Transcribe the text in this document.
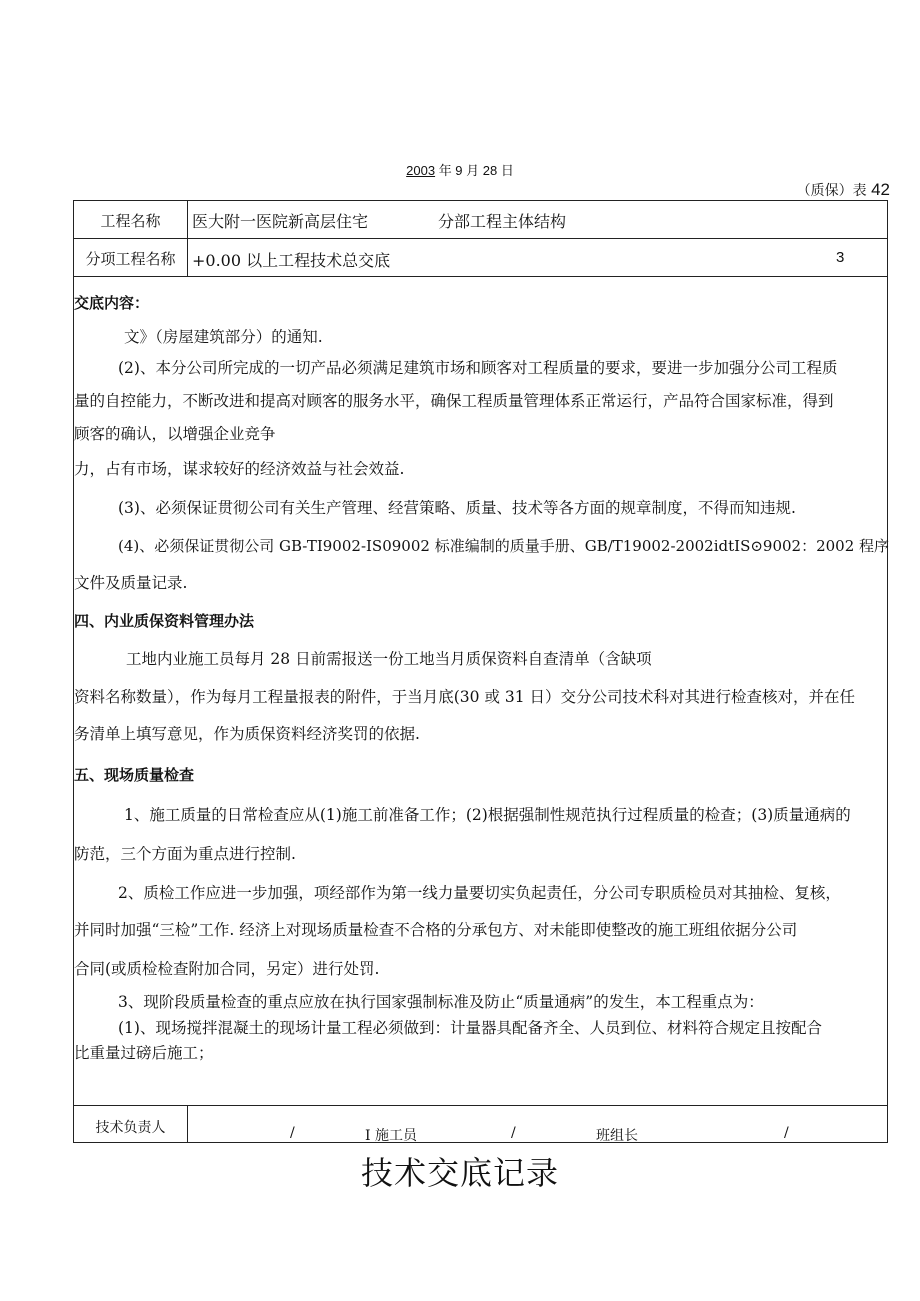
2003 年 9 月 28 日
（质保）表 42
工程名称	医大附一医院新高层住宅	分部工程主体结构
分项工程名称	+0.00 以上工程技术总交底	3
交底内容：
文》（房屋建筑部分）的通知.
(2)、本分公司所完成的一切产品必须满足建筑市场和顾客对工程质量的要求，要进一步加强分公司工程质
量的自控能力，不断改进和提高对顾客的服务水平，确保工程质量管理体系正常运行，产品符合国家标准，得到
顾客的确认，以增强企业竞争
力，占有市场，谋求较好的经济效益与社会效益.
(3)、必须保证贯彻公司有关生产管理、经营策略、质量、技术等各方面的规章制度，不得而知违规.
(4)、必须保证贯彻公司 GB-TI9002-IS09002 标准编制的质量手册、GB/T19002-2002idtIS⊙9002：2002 程序
文件及质量记录.
四、内业质保资料管理办法
工地内业施工员每月 28 日前需报送一份工地当月质保资料自查清单（含缺项
资料名称数量），作为每月工程量报表的附件，于当月底(30 或 31 日）交分公司技术科对其进行检查核对，并在任
务清单上填写意见，作为质保资料经济奖罚的依据.
五、现场质量检查
1、施工质量的日常检查应从(1)施工前准备工作；(2)根据强制性规范执行过程质量的检查；(3)质量通病的
防范，三个方面为重点进行控制.
2、质检工作应进一步加强，项经部作为第一线力量要切实负起责任，分公司专职质检员对其抽检、复核，
并同时加强“三检”工作. 经济上对现场质量检查不合格的分承包方、对未能即使整改的施工班组依据分公司
合同(或质检检查附加合同，另定）进行处罚.
3、现阶段质量检查的重点应放在执行国家强制标准及防止“质量通病”的发生，本工程重点为：
(1)、现场搅拌混凝土的现场计量工程必须做到：计量器具配备齐全、人员到位、材料符合规定且按配合
比重量过磅后施工；
技术负责人	/	I 施工员	/	班组长	/
技术交底记录
